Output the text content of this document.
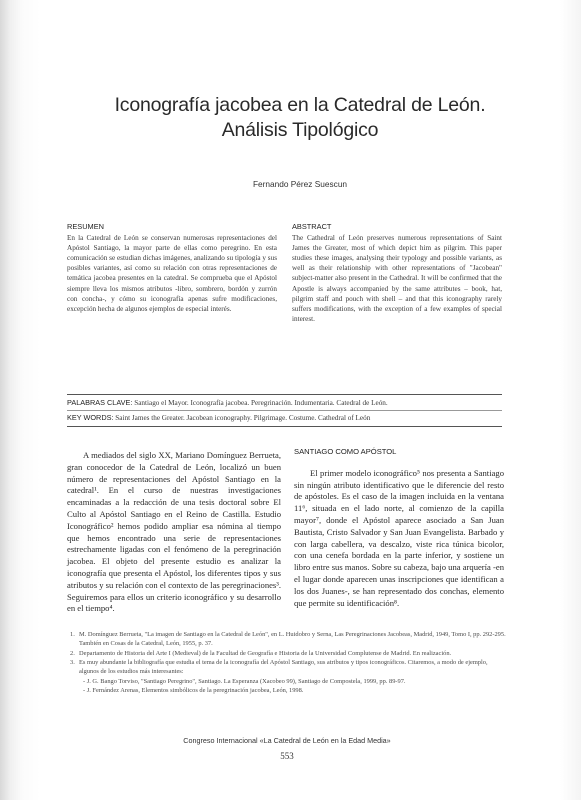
Iconografía jacobea en la Catedral de León.
Análisis Tipológico
Fernando Pérez Suescun
RESUMEN

En la Catedral de León se conservan numerosas representaciones del Apóstol Santiago, la mayor parte de ellas como peregrino. En esta comunicación se estudian dichas imágenes, analizando su tipología y sus posibles variantes, así como su relación con otras representaciones de temática jacobea presentes en la catedral. Se comprueba que el Apóstol siempre lleva los mismos atributos -libro, sombrero, bordón y zurrón con concha-, y cómo su iconografía apenas sufre modificaciones, excepción hecha de algunos ejemplos de especial interés.

ABSTRACT

The Cathedral of León preserves numerous representations of Saint James the Greater, most of which depict him as pilgrim. This paper studies these images, analysing their typology and possible variants, as well as their relationship with other representations of "Jacobean" subject-matter also present in the Cathedral. It will be confirmed that the Apostle is always accompanied by the same attributes – book, hat, pilgrim staff and pouch with shell – and that this iconography rarely suffers modifications, with the exception of a few examples of special interest.

PALABRAS CLAVE: Santiago el Mayor. Iconografía jacobea. Peregrinación. Indumentaria. Catedral de León.
KEY WORDS: Saint James the Greater. Jacobean iconography. Pilgrimage. Costume. Cathedral of León

A mediados del siglo XX, Mariano Domínguez Berrueta, gran conocedor de la Catedral de León, localizó un buen número de representaciones del Apóstol Santiago en la catedral¹. En el curso de nuestras investigaciones encaminadas a la redacción de una tesis doctoral sobre El Culto al Apóstol Santiago en el Reino de Castilla. Estudio Iconográfico² hemos podido ampliar esa nómina al tiempo que hemos encontrado una serie de representaciones estrechamente ligadas con el fenómeno de la peregrinación jacobea. El objeto del presente estudio es analizar la iconografía que presenta el Apóstol, los diferentes tipos y sus atributos y su relación con el contexto de las peregrinaciones³. Seguiremos para ellos un criterio iconográfico y su desarrollo en el tiempo⁴.

SANTIAGO COMO APÓSTOL

El primer modelo iconográfico⁵ nos presenta a Santiago sin ningún atributo identificativo que le diferencie del resto de apóstoles. Es el caso de la imagen incluida en la ventana 11⁶, situada en el lado norte, al comienzo de la capilla mayor⁷, donde el Apóstol aparece asociado a San Juan Bautista, Cristo Salvador y San Juan Evangelista. Barbado y con larga cabellera, va descalzo, viste rica túnica bicolor, con una cenefa bordada en la parte inferior, y sostiene un libro entre sus manos. Sobre su cabeza, bajo una arquería -en el lugar donde aparecen unas inscripciones que identifican a los dos Juanes-, se han representado dos conchas, elemento que permite su identificación⁸.

1. M. Domínguez Berrueta, "La imagen de Santiago en la Catedral de León", en L. Huidobro y Serna, Las Peregrinaciones Jacobeas, Madrid, 1949, Tomo I, pp. 292-295. También en Cosas de la Catedral, León, 1955, p. 37.
2. Departamento de Historia del Arte I (Medieval) de la Facultad de Geografía e Historia de la Universidad Complutense de Madrid. En realización.
3. Es muy abundante la bibliografía que estudia el tema de la iconografía del Apóstol Santiago, sus atributos y tipos iconográficos. Citaremos, a modo de ejemplo, algunos de los estudios más interesantes:
- J. G. Bango Torviso, "Santiago Peregrino", Santiago. La Esperanza (Xacobeo 99), Santiago de Compostela, 1999, pp. 89-97.
- J. Fernández Arenas, Elementos simbólicos de la peregrinación jacobea, León, 1998.
Congreso Internacional «La Catedral de León en la Edad Media»
553
